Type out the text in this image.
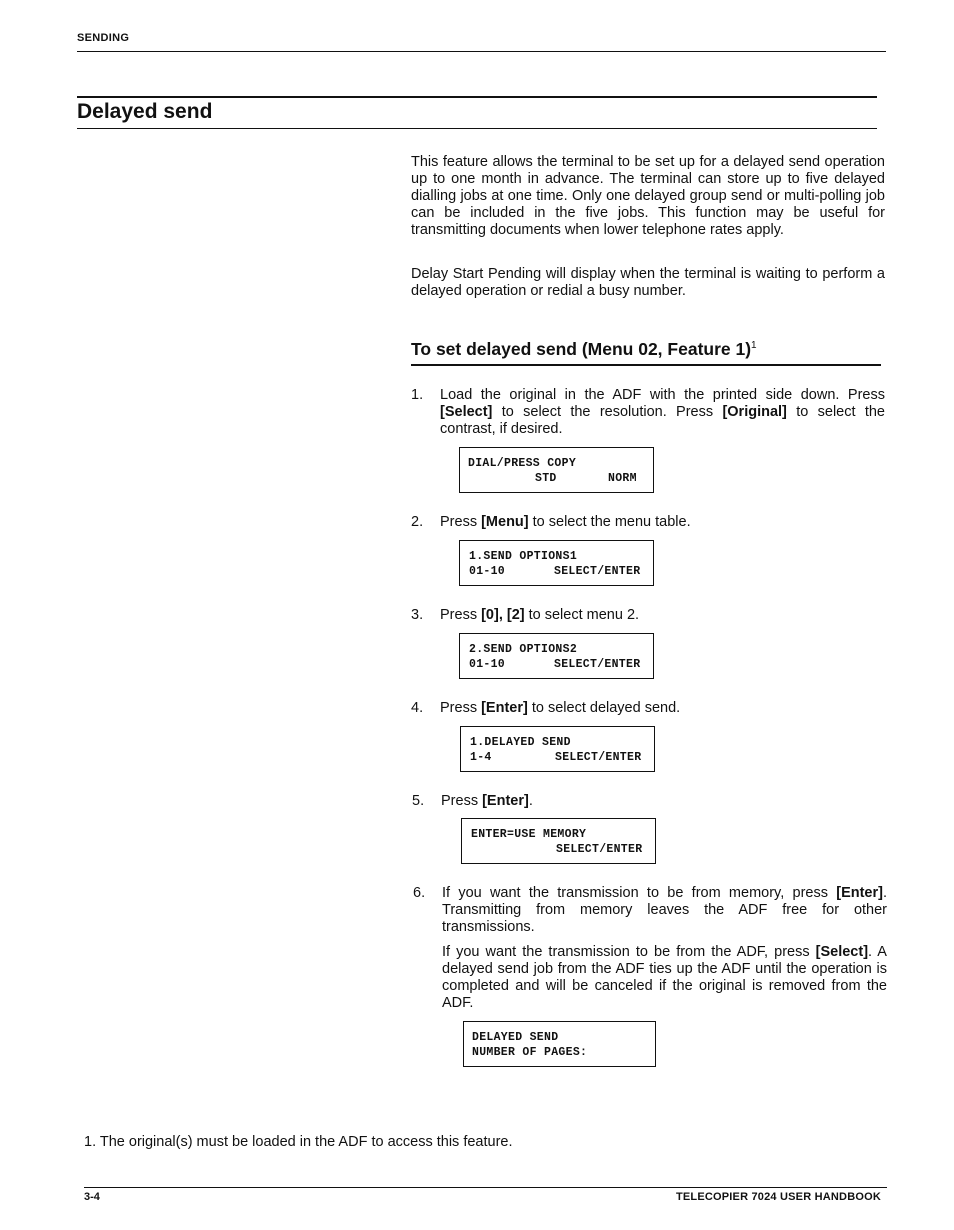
SENDING
Delayed send
This feature allows the terminal to be set up for a delayed send operation up to one month in advance. The terminal can store up to five delayed dialling jobs at one time. Only one delayed group send or multi-polling job can be included in the five jobs. This function may be useful for transmitting documents when lower telephone rates apply.
Delay Start Pending will display when the terminal is waiting to perform a delayed operation or redial a busy number.
To set delayed send (Menu 02, Feature 1)$^1$
1. Load the original in the ADF with the printed side down. Press [Select] to select the resolution. Press [Original] to select the contrast, if desired.
DIAL/PRESS COPY
STD	NORM
2. Press [Menu] to select the menu table.
1.SEND OPTIONS1
01-10	SELECT/ENTER
3. Press [0], [2] to select menu 2.
2.SEND OPTIONS2
01-10	SELECT/ENTER
4. Press [Enter] to select delayed send.
1.DELAYED SEND
1-4	SELECT/ENTER
5. Press [Enter].
ENTER=USE MEMORY
SELECT/ENTER
6. If you want the transmission to be from memory, press [Enter]. Transmitting from memory leaves the ADF free for other transmissions.
If you want the transmission to be from the ADF, press [Select]. A delayed send job from the ADF ties up the ADF until the operation is completed and will be canceled if the original is removed from the ADF.
DELAYED SEND
NUMBER OF PAGES:
1. The original(s) must be loaded in the ADF to access this feature.
3-4	TELECOPIER 7024 USER HANDBOOK
